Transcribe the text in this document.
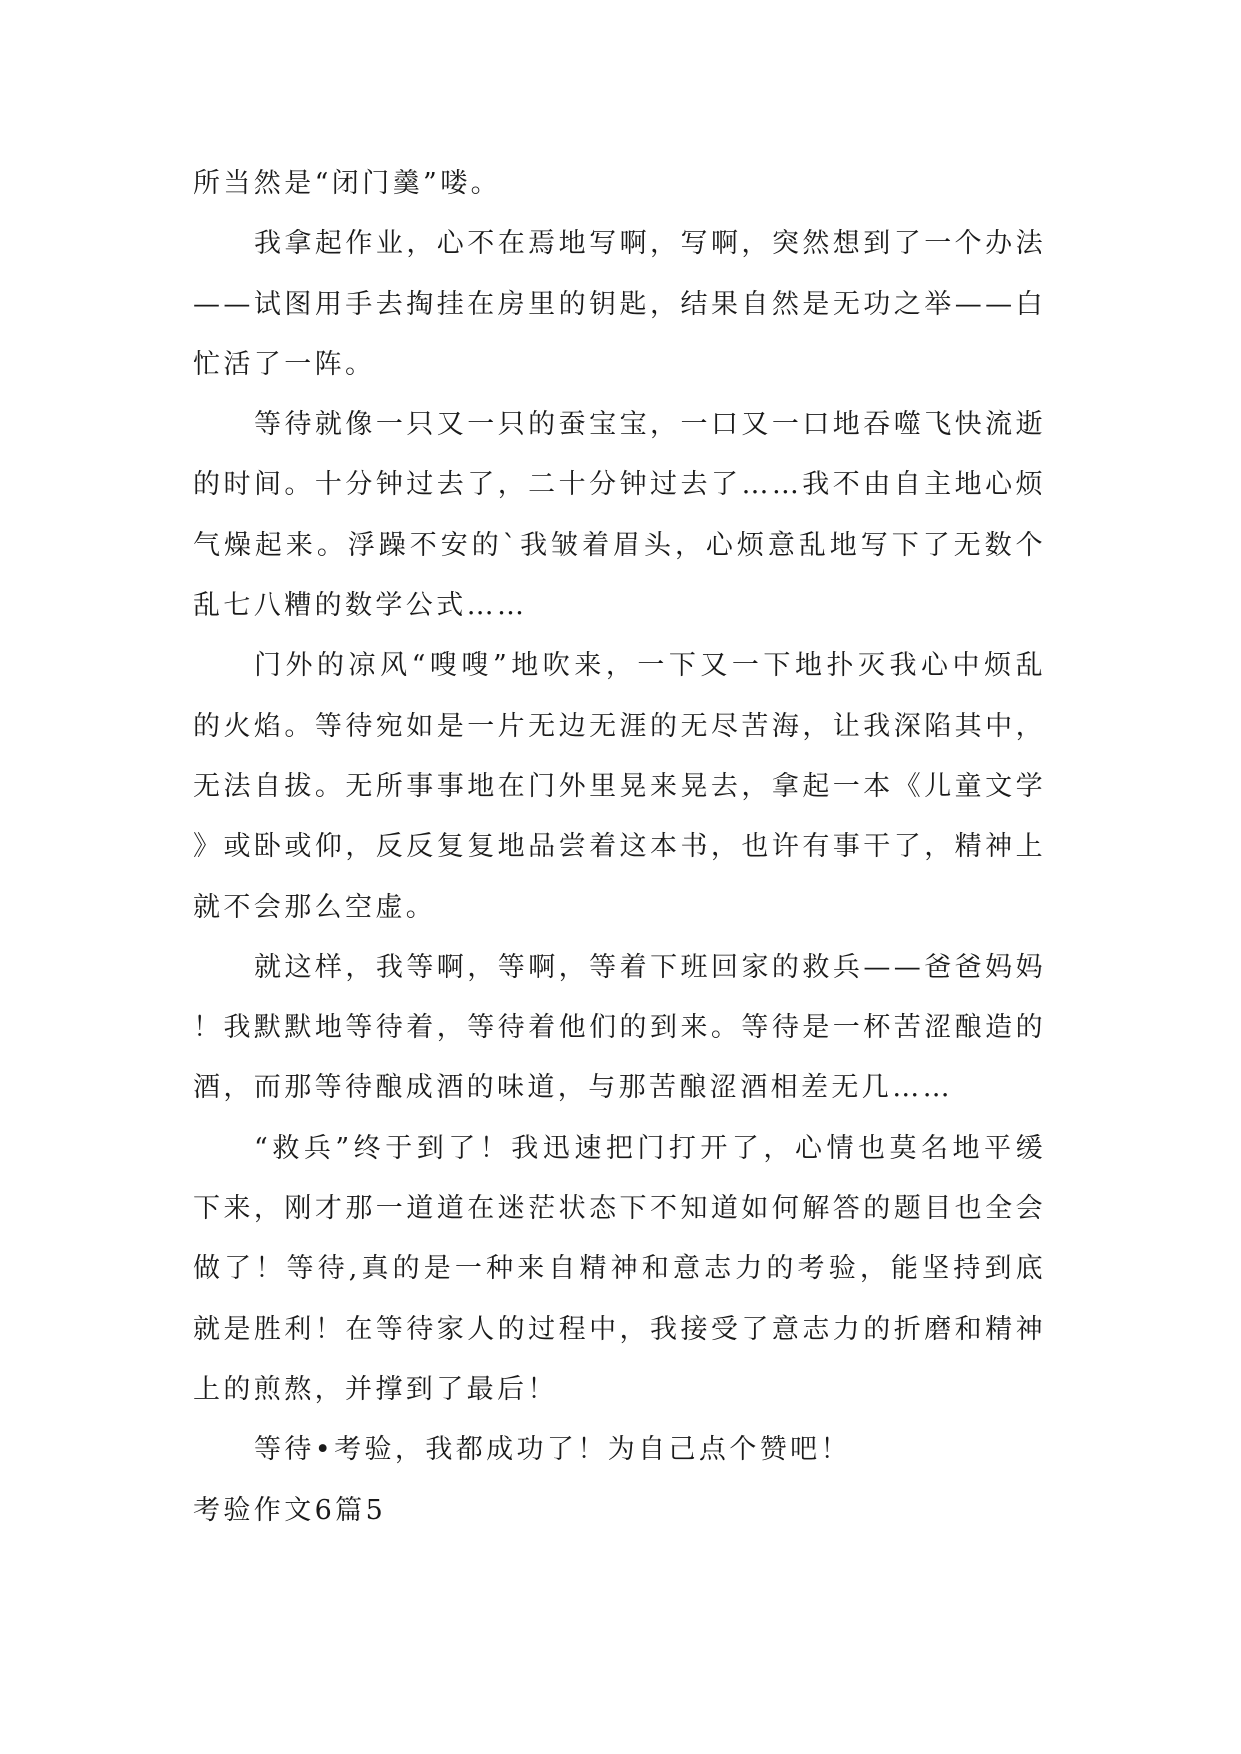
所当然是“闭门羹”喽。

我拿起作业，心不在焉地写啊，写啊，突然想到了一个办法——试图用手去掏挂在房里的钥匙，结果自然是无功之举——白忙活了一阵。

等待就像一只又一只的蚕宝宝，一口又一口地吞噬飞快流逝的时间。十分钟过去了，二十分钟过去了……我不由自主地心烦气燥起来。浮躁不安的`我皱着眉头，心烦意乱地写下了无数个乱七八糟的数学公式……

门外的凉风“嗖嗖”地吹来，一下又一下地扑灭我心中烦乱的火焰。等待宛如是一片无边无涯的无尽苦海，让我深陷其中，无法自拔。无所事事地在门外里晃来晃去，拿起一本《儿童文学》或卧或仰，反反复复地品尝着这本书，也许有事干了，精神上就不会那么空虚。

就这样，我等啊，等啊，等着下班回家的救兵——爸爸妈妈！我默默地等待着，等待着他们的到来。等待是一杯苦涩酿造的酒，而那等待酿成酒的味道，与那苦酿涩酒相差无几……

“救兵”终于到了！我迅速把门打开了，心情也莫名地平缓下来，刚才那一道道在迷茫状态下不知道如何解答的题目也全会做了！等待,真的是一种来自精神和意志力的考验，能坚持到底就是胜利！在等待家人的过程中，我接受了意志力的折磨和精神上的煎熬，并撑到了最后！

等待•考验，我都成功了！为自己点个赞吧！

考验作文6篇5
